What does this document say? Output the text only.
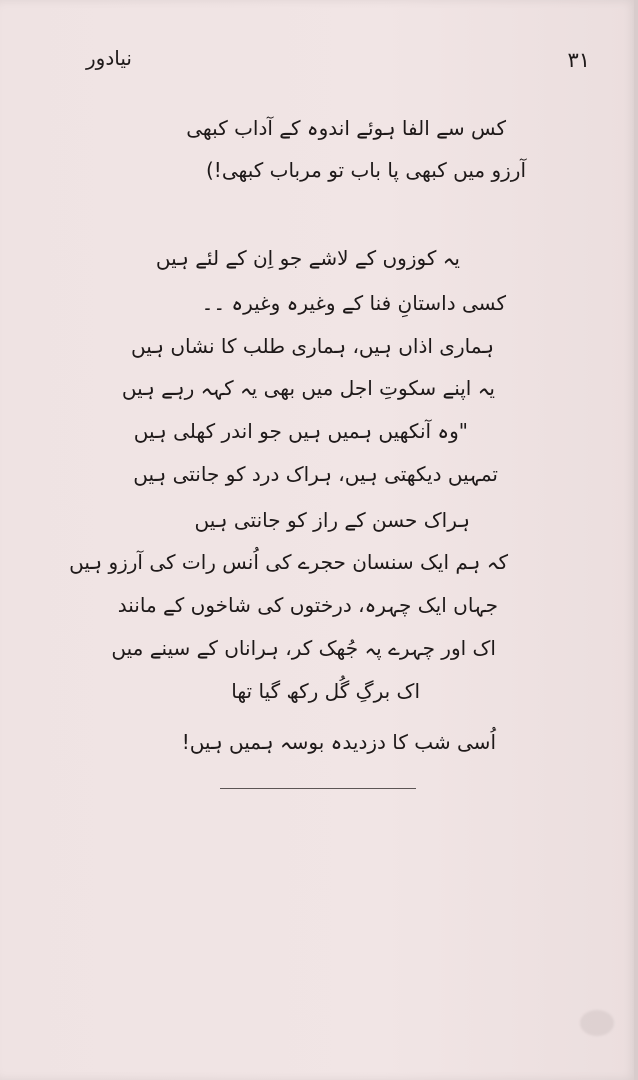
نیادور	۳۱
کس سے الفا ہوئے اندوہ کے آداب کبھی
آرزو میں کبھی پا باب تو مرباب کبھی!)
یہ کوزوں کے لاشے جو اِن کے لئے ہیں
کسی داستانِ فنا کے وغیرہ وغیرہ ۔۔
ہماری اذاں ہیں، ہماری طلب کا نشاں ہیں
یہ اپنے سکوتِ اجل میں بھی یہ کہہ رہے ہیں
"وہ آنکھیں ہمیں ہیں جو اندر کھلی ہیں
تمہیں دیکھتی ہیں، ہراک درد کو جانتی ہیں
ہراک حسن کے راز کو جانتی ہیں
کہ ہم ایک سنسان حجرے کی اُنس رات کی آرزو ہیں
جہاں ایک چہرہ، درختوں کی شاخوں کے مانند
اک اور چہرے پہ جُھک کر، ہراناں کے سینے میں
اک برگِ گُل رکھ گیا تھا
اُسی شب کا دزدیدہ بوسہ ہمیں ہیں!
